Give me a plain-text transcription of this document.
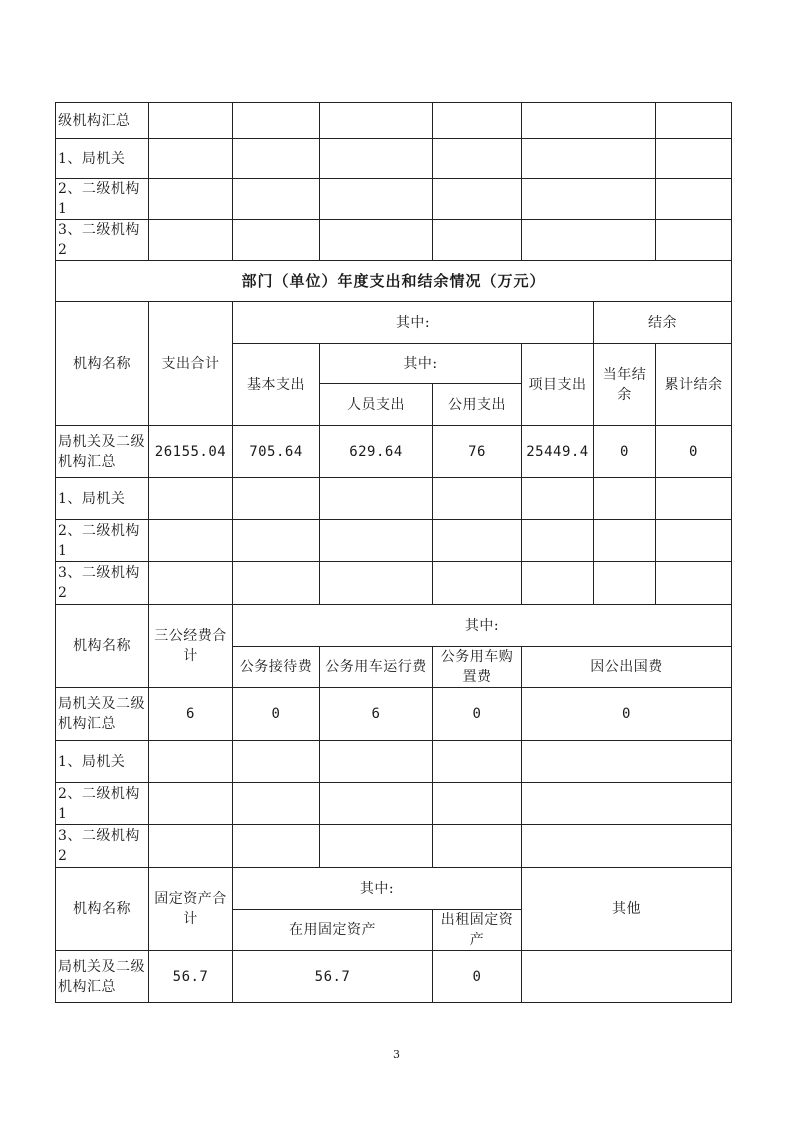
级机构汇总							
1、局机关							
2、二级机构 1							
3、二级机构 2							
部门（单位）年度支出和结余情况（万元）							
机构名称	支出合计	其中:				结余	
		基本支出	其中:		项目支出	当年结余	累计结余
			人员支出	公用支出			
局机关及二级机构汇总	26155.04	705.64	629.64	76	25449.4	0	0
1、局机关							
2、二级机构 1							
3、二级机构 2							
机构名称	三公经费合计	其中:					
		公务接待费	公务用车运行费	公务用车购置费	因公出国费		
局机关及二级机构汇总	6	0	6	0	0		
1、局机关							
2、二级机构 1							
3、二级机构 2							
机构名称	固定资产合计	其中:			其他		
		在用固定资产		出租固定资产			
局机关及二级机构汇总	56.7	56.7		0			
3
